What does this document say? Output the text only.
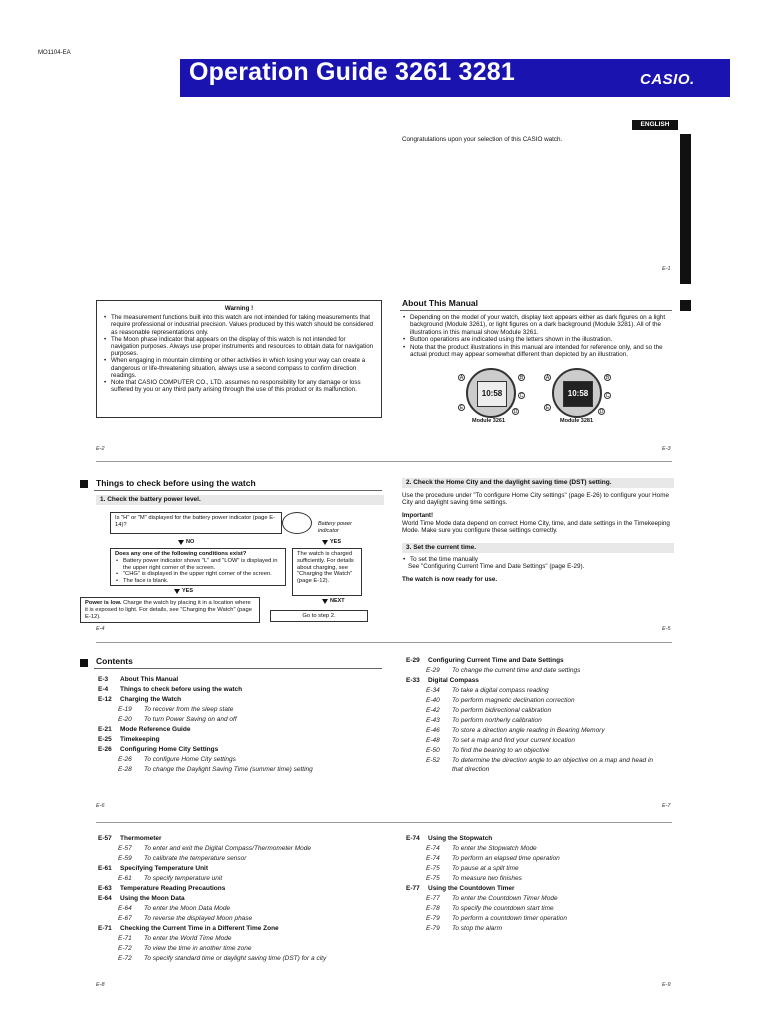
MO1104-EA
Operation Guide 3261 3281	CASIO.
ENGLISH
Congratulations upon your selection of this CASIO watch.
E-1
Warning !
• The measurement functions built into this watch are not intended for taking measurements that require professional or industrial precision. Values produced by this watch should be considered as reasonable representations only.
• The Moon phase indicator that appears on the display of this watch is not intended for navigation purposes. Always use proper instruments and resources to obtain data for navigation purposes.
• When engaging in mountain climbing or other activities in which losing your way can create a dangerous or life-threatening situation, always use a second compass to confirm direction readings.
• Note that CASIO COMPUTER CO., LTD. assumes no responsibility for any damage or loss suffered by you or any third party arising through the use of this product or its malfunction.
E-2
About This Manual
• Depending on the model of your watch, display text appears either as dark figures on a light background (Module 3261), or light figures on a dark background (Module 3281). All of the illustrations in this manual show Module 3261.
• Button operations are indicated using the letters shown in the illustration.
• Note that the product illustrations in this manual are intended for reference only, and so the actual product may appear somewhat different than depicted by an illustration.
10:58
A	B
C
E
D
10:58
A	B
C
E
D
Module 3261	Module 3281
E-3
Things to check before using the watch
1. Check the battery power level.
Is "H" or "M" displayed for the battery power indicator (page E-14)?	Battery power indicator
NO	YES
Does any one of the following conditions exist?
• Battery power indicator shows "L" and "LOW" is displayed in the upper right corner of the screen.
• "CHG" is displayed in the upper right corner of the screen.
• The face is blank.
The watch is charged sufficiently. For details about charging, see "Charging the Watch" (page E-12).
YES
Power is low. Charge the watch by placing it in a location where it is exposed to light. For details, see "Charging the Watch" (page E-12).
NEXT
Go to step 2.
E-4
2. Check the Home City and the daylight saving time (DST) setting.
Use the procedure under "To configure Home City settings" (page E-26) to configure your Home City and daylight saving time settings.
Important!
World Time Mode data depend on correct Home City, time, and date settings in the Timekeeping Mode. Make sure you configure these settings correctly.
3. Set the current time.
• To set the time manually
See "Configuring Current Time and Date Settings" (page E-29).
The watch is now ready for use.
E-5
Contents
E-3	About This Manual
E-4	Things to check before using the watch
E-12	Charging the Watch
E-19	To recover from the sleep state
E-20	To turn Power Saving on and off
E-21	Mode Reference Guide
E-25	Timekeeping
E-26	Configuring Home City Settings
E-26	To configure Home City settings
E-28	To change the Daylight Saving Time (summer time) setting
E-29	Configuring Current Time and Date Settings
E-29	To change the current time and date settings
E-33	Digital Compass
E-34	To take a digital compass reading
E-40	To perform magnetic declination correction
E-42	To perform bidirectional calibration
E-43	To perform northerly calibration
E-46	To store a direction angle reading in Bearing Memory
E-48	To set a map and find your current location
E-50	To find the bearing to an objective
E-52	To determine the direction angle to an objective on a map and head in
that direction
E-6	E-7
E-57	Thermometer
E-57	To enter and exit the Digital Compass/Thermometer Mode
E-59	To calibrate the temperature sensor
E-61	Specifying Temperature Unit
E-61	To specify temperature unit
E-63	Temperature Reading Precautions
E-64	Using the Moon Data
E-64	To enter the Moon Data Mode
E-67	To reverse the displayed Moon phase
E-71	Checking the Current Time in a Different Time Zone
E-71	To enter the World Time Mode
E-72	To view the time in another time zone
E-72	To specify standard time or daylight saving time (DST) for a city
E-74	Using the Stopwatch
E-74	To enter the Stopwatch Mode
E-74	To perform an elapsed time operation
E-75	To pause at a split time
E-75	To measure two finishes
E-77	Using the Countdown Timer
E-77	To enter the Countdown Timer Mode
E-78	To specify the countdown start time
E-79	To perform a countdown timer operation
E-79	To stop the alarm
E-8	E-9
